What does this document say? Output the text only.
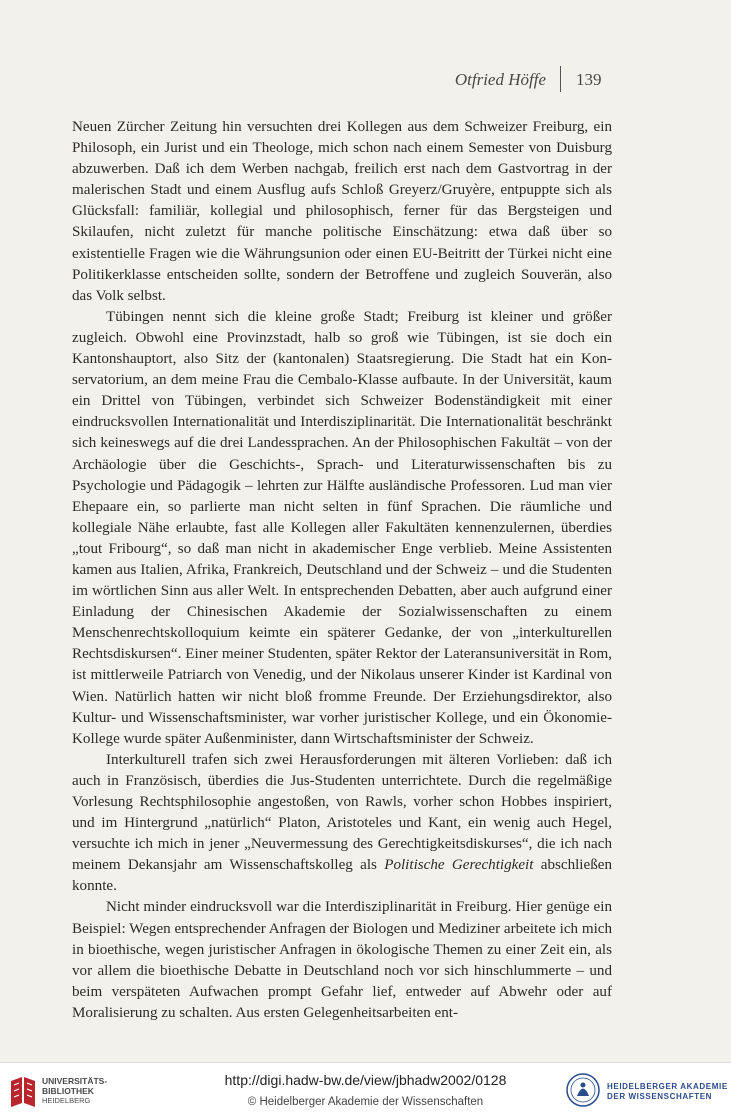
Otfried Höffe 139

Neuen Zürcher Zeitung hin versuchten drei Kollegen aus dem Schweizer Freiburg, ein Philosoph, ein Jurist und ein Theologe, mich schon nach einem Semester von Duisburg abzuwerben. Daß ich dem Werben nachgab, freilich erst nach dem Gastvortrag in der malerischen Stadt und einem Ausflug aufs Schloß Greyerz/Gruyère, entpuppte sich als Glücksfall: familiär, kollegial und philosophisch, ferner für das Bergsteigen und Skilaufen, nicht zuletzt für manche politische Einschätzung: etwa daß über so existentielle Fragen wie die Währungsunion oder einen EU-Beitritt der Türkei nicht eine Politikerklasse entscheiden sollte, sondern der Betroffene und zugleich Souverän, also das Volk selbst.

Tübingen nennt sich die kleine große Stadt; Freiburg ist kleiner und größer zugleich. Obwohl eine Provinzstadt, halb so groß wie Tübingen, ist sie doch ein Kantonshauptort, also Sitz der (kantonalen) Staatsregierung. Die Stadt hat ein Konservatorium, an dem meine Frau die Cembalo-Klasse aufbaute. In der Universität, kaum ein Drittel von Tübingen, verbindet sich Schweizer Bodenständigkeit mit einer eindrucksvollen Internationalität und Interdisziplinarität. Die Internationalität beschränkt sich keineswegs auf die drei Landessprachen. An der Philosophischen Fakultät – von der Archäologie über die Geschichts-, Sprach- und Literaturwissenschaften bis zu Psychologie und Pädagogik – lehrten zur Hälfte ausländische Professoren. Lud man vier Ehepaare ein, so parlierte man nicht selten in fünf Sprachen. Die räumliche und kollegiale Nähe erlaubte, fast alle Kollegen aller Fakultäten kennenzulernen, überdies „tout Fribourg“, so daß man nicht in akademischer Enge verblieb. Meine Assistenten kamen aus Italien, Afrika, Frankreich, Deutschland und der Schweiz – und die Studenten im wörtlichen Sinn aus aller Welt. In entsprechenden Debatten, aber auch aufgrund einer Einladung der Chinesischen Akademie der Sozialwissenschaften zu einem Menschenrechtskolloquium keimte ein späterer Gedanke, der von „interkulturellen Rechtsdiskursen“. Einer meiner Studenten, später Rektor der Lateransuniversität in Rom, ist mittlerweile Patriarch von Venedig, und der Nikolaus unserer Kinder ist Kardinal von Wien. Natürlich hatten wir nicht bloß fromme Freunde. Der Erziehungsdirektor, also Kultur- und Wissenschaftsminister, war vorher juristischer Kollege, und ein Ökonomie-Kollege wurde später Außenminister, dann Wirtschaftsminister der Schweiz.

Interkulturell trafen sich zwei Herausforderungen mit älteren Vorlieben: daß ich auch in Französisch, überdies die Jus-Studenten unterrichtete. Durch die regelmäßige Vorlesung Rechtsphilosophie angestoßen, von Rawls, vorher schon Hobbes inspiriert, und im Hintergrund „natürlich“ Platon, Aristoteles und Kant, ein wenig auch Hegel, versuchte ich mich in jener „Neuvermessung des Gerechtigkeitsdiskurses“, die ich nach meinem Dekansjahr am Wissenschaftskolleg als Politische Gerechtigkeit abschließen konnte.

Nicht minder eindrucksvoll war die Interdisziplinarität in Freiburg. Hier genüge ein Beispiel: Wegen entsprechender Anfragen der Biologen und Mediziner arbeitete ich mich in bioethische, wegen juristischer Anfragen in ökologische Themen zu einer Zeit ein, als vor allem die bioethische Debatte in Deutschland noch vor sich hinschlummerte – und beim verspäteten Aufwachen prompt Gefahr lief, entweder auf Abwehr oder auf Moralisierung zu schalten. Aus ersten Gelegenheitsarbeiten ent-

UNIVERSITÄTS-
BIBLIOTHEK
HEIDELBERG
http://digi.hadw-bw.de/view/jbhadw2002/0128
© Heidelberger Akademie der Wissenschaften
HEIDELBERGER AKADEMIE
DER WISSENSCHAFTEN
